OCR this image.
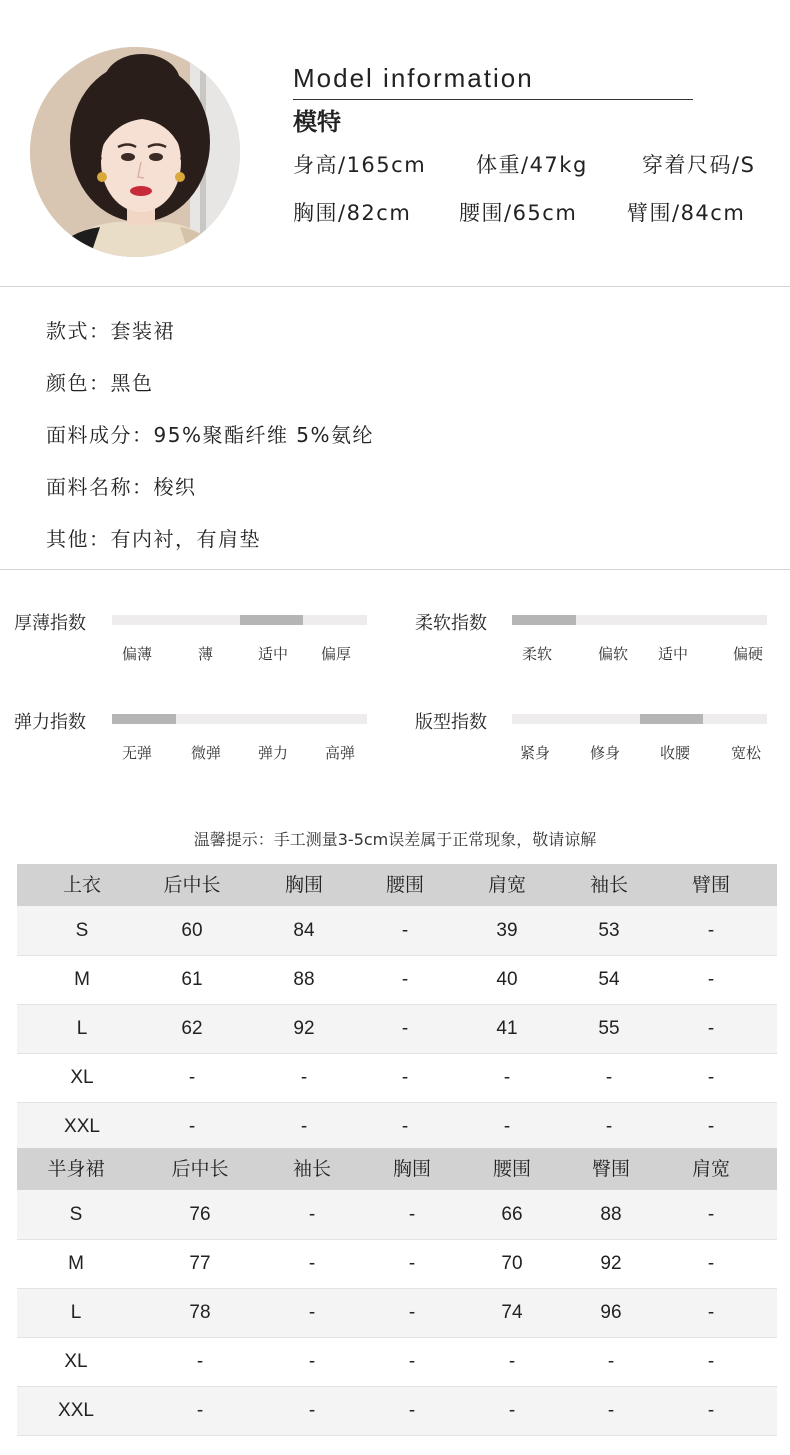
Model information
模特
身高/165cm 体重/47kg	穿着尺码/S
胸围/82cm 腰围/65cm 臂围/84cm
款式：套装裙
颜色：黑色
面料成分：95%聚酯纤维 5%氨纶
面料名称：梭织
其他：有内衬，有肩垫
厚薄指数
偏薄	薄	适中 偏厚
柔软指数
柔软	偏软 适中	偏硬
弹力指数
无弹	微弹 弹力 高弹
版型指数
紧身	修身	收腰	宽松
温馨提示：手工测量3-5cm误差属于正常现象，敬请谅解
上衣	后中长	胸围	腰围	肩宽	袖长	臂围
S	60	84	-	39	53	-
M	61	88	-	40	54	-
L	62	92	-	41	55	-
XL	-	-	-	-	-	-
XXL	-	-	-	-	-	-
半身裙	后中长	袖长	胸围	腰围	臀围	肩宽
S	76	-	-	66	88	-
M	77	-	-	70	92	-
L	78	-	-	74	96	-
XL	-	-	-	-	-	-
XXL	-	-	-	-	-	-
